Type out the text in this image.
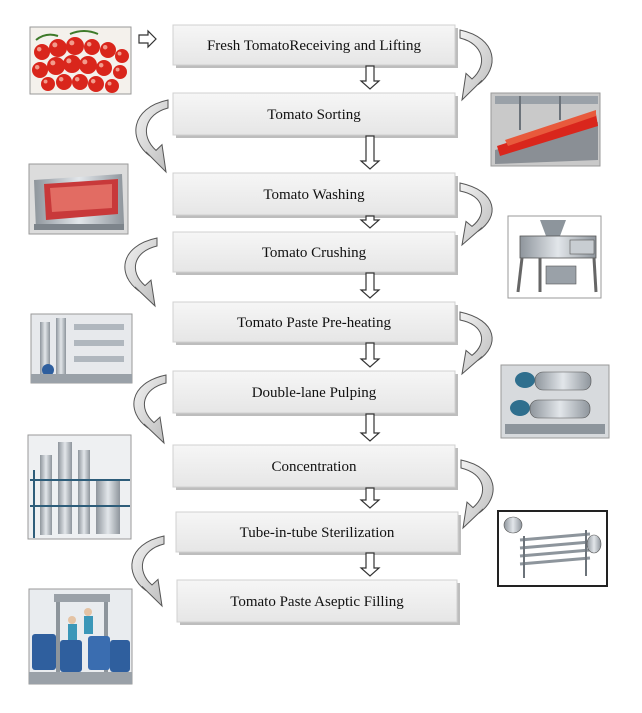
Fresh TomatoReceiving and Lifting
Tomato Sorting
Tomato Washing
Tomato Crushing
Tomato Paste Pre-heating
Double-lane Pulping
Concentration
Tube-in-tube Sterilization
Tomato Paste Aseptic Filling
